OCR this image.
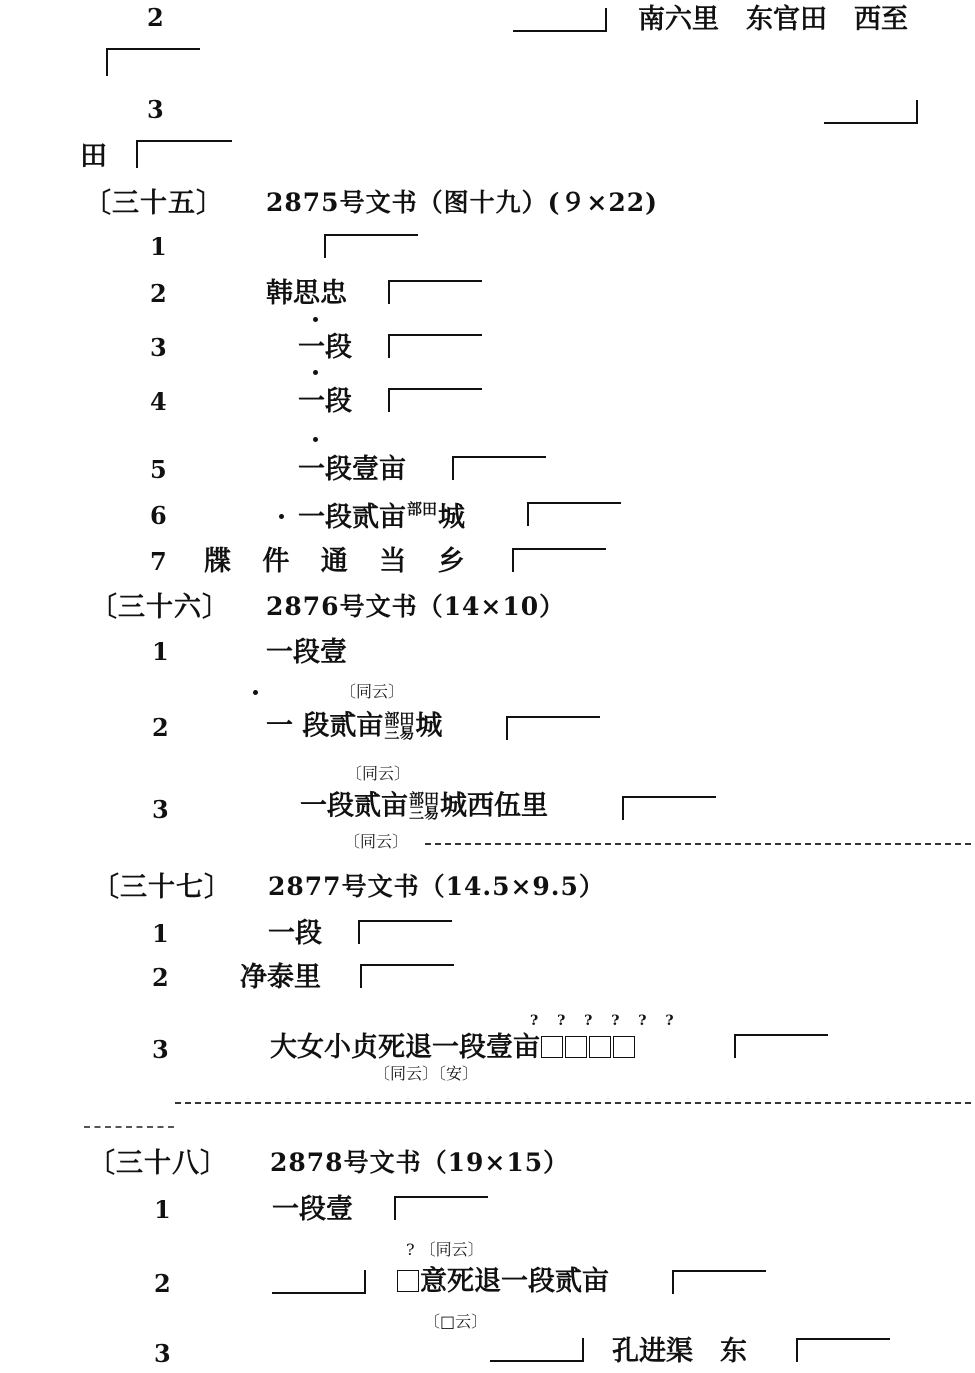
2	南六里　东官田　西至
3
田
〔三十五〕 2875号文书（图十九）(９×22)
1
2	韩思忠
3	一段
4	一段
5	一段壹亩
6	一段贰亩$^{部田}$城
7 牒 件 通 当 乡
〔三十六〕 2876号文书（14×10）
1	一段壹
〔同云〕
2	一 段贰亩 部田
三易 城
〔同云〕
3	一段贰亩 部田
三易 城西伍里
〔同云〕
〔三十七〕 2877号文书（14.5×9.5）
1	一段
2	净泰里
? ? ? ? ? ?
3	大女小贞死退一段壹亩
〔同云〕〔安〕
〔三十八〕 2878号文书（19×15）
1	一段壹
? 〔同云〕
2	意死退一段贰亩
〔□云〕
3	孔进渠　东
